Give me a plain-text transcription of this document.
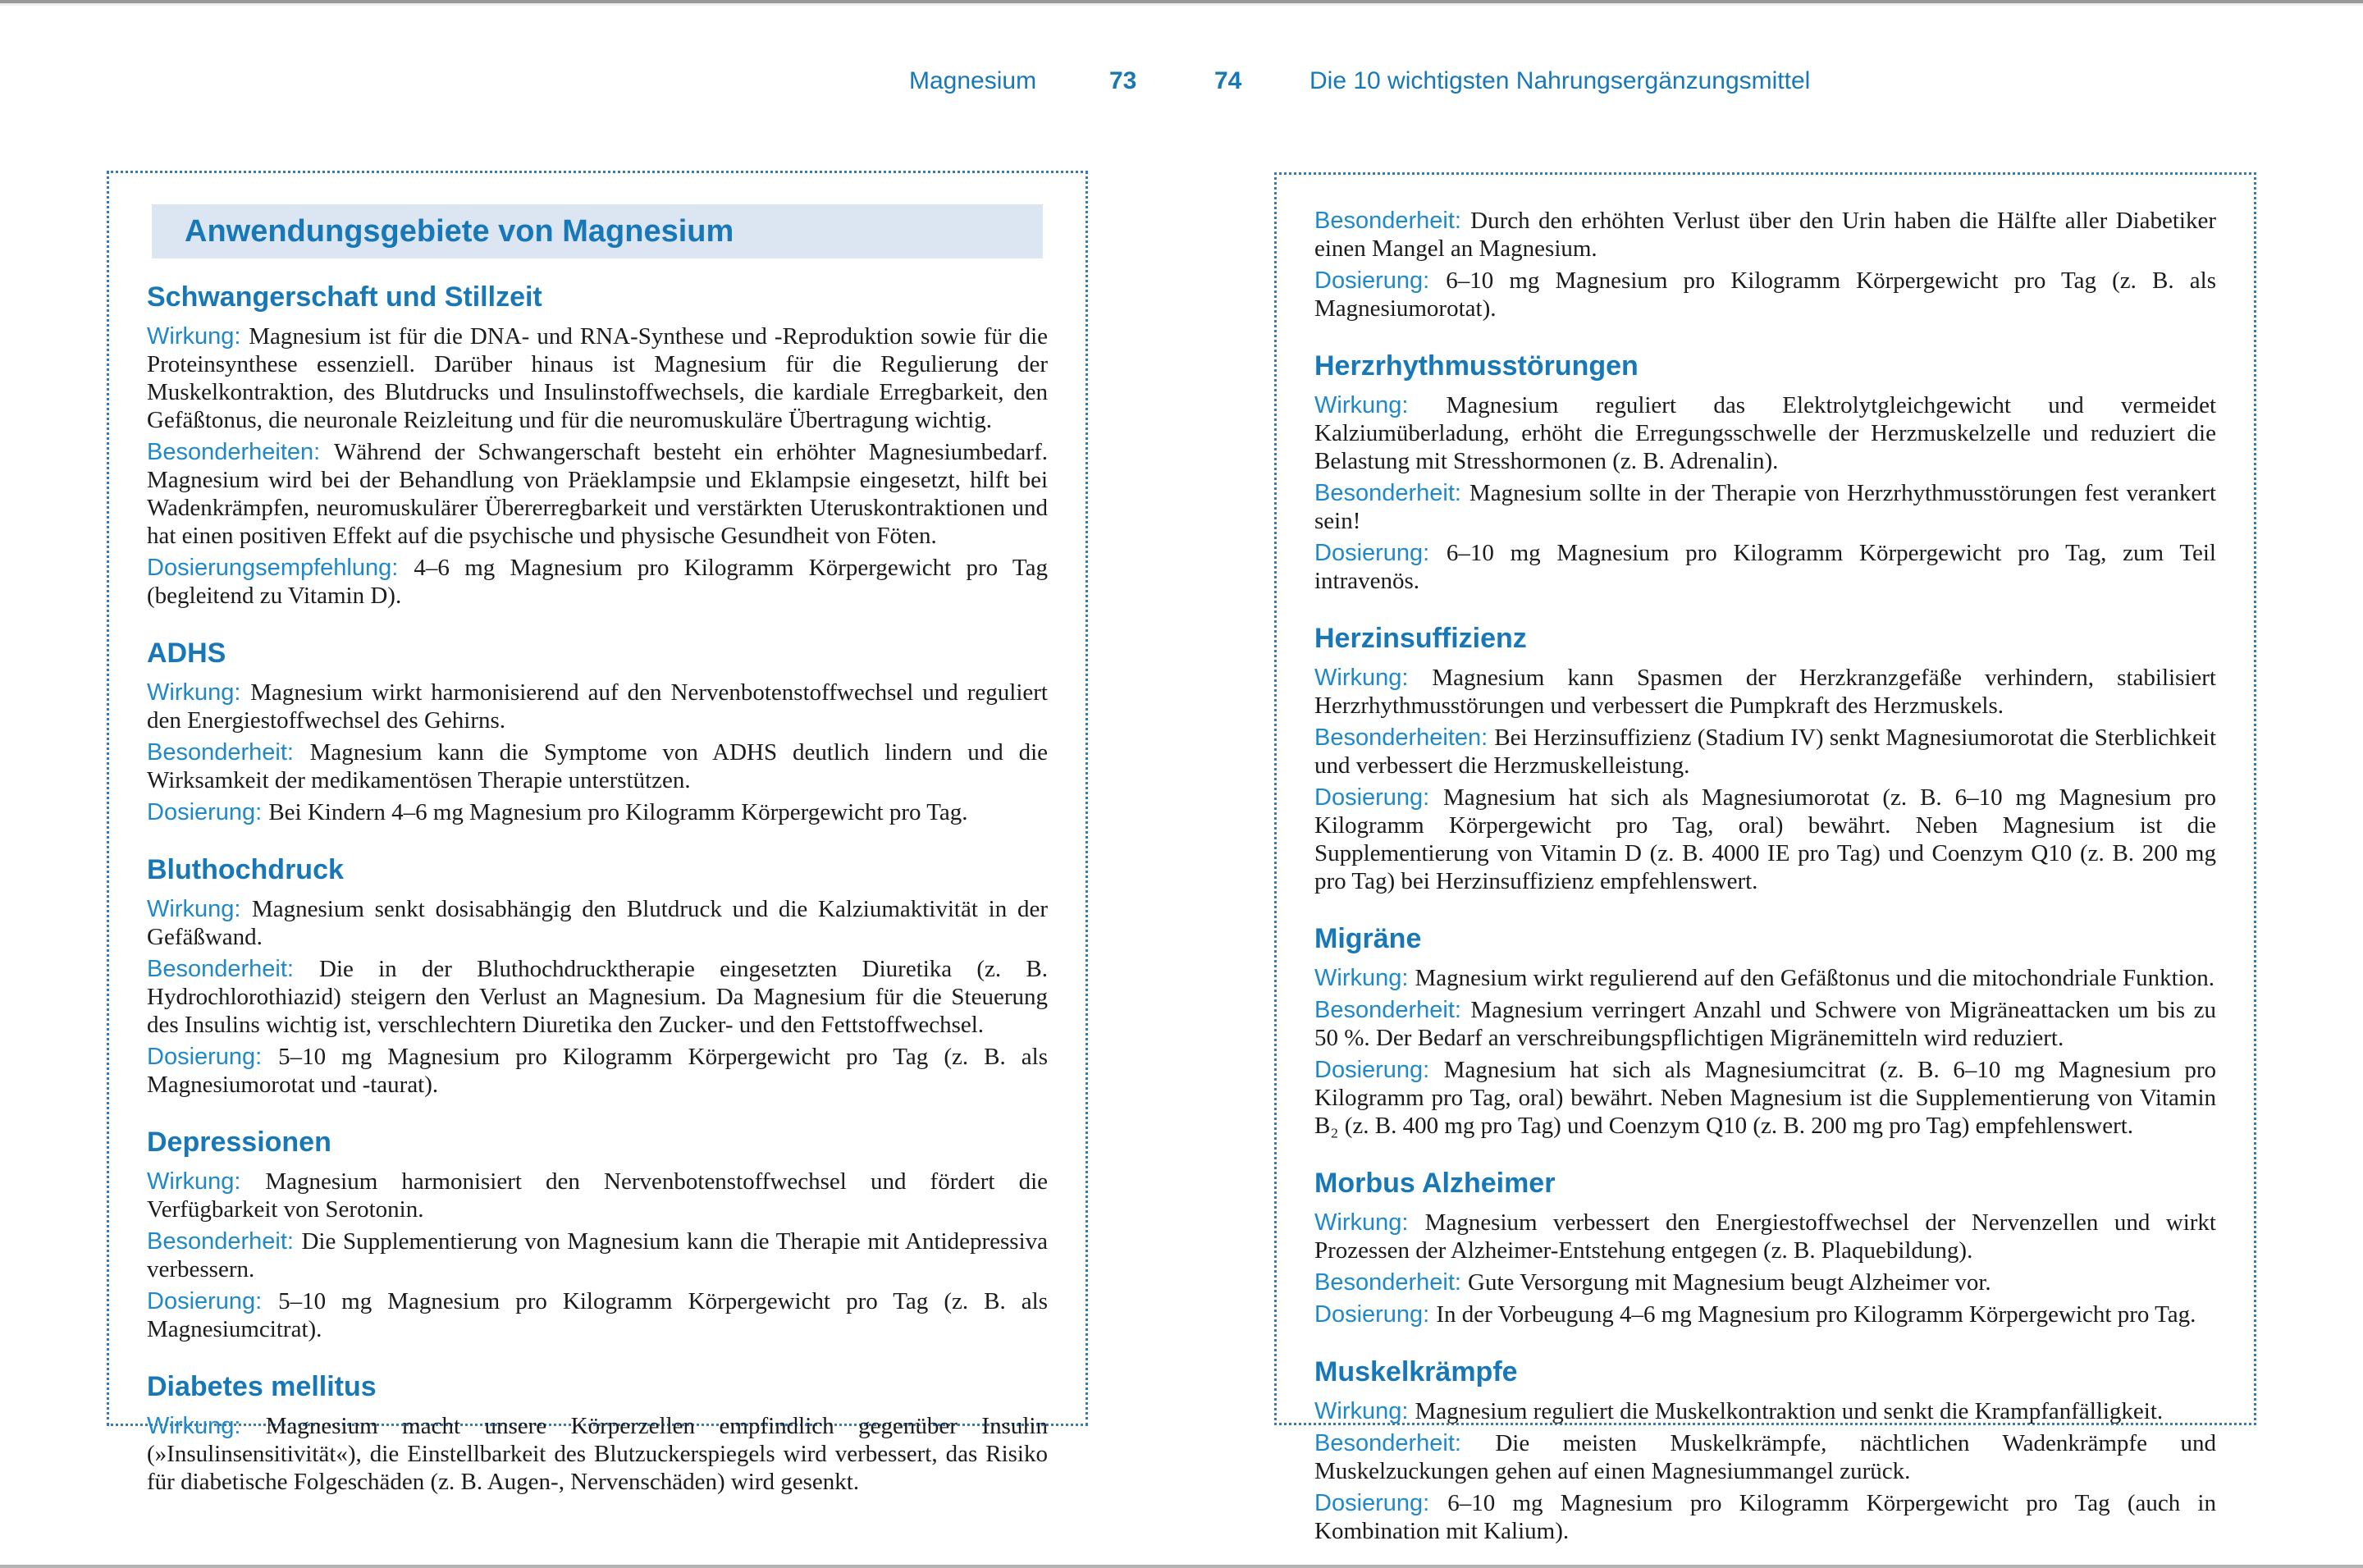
Magnesium	73	74	Die 10 wichtigsten Nahrungsergänzungsmittel
Anwendungsgebiete von Magnesium
Schwangerschaft und Stillzeit

Wirkung: Magnesium ist für die DNA- und RNA-Synthese und -Reproduktion sowie für die Proteinsynthese essenziell. Darüber hinaus ist Magnesium für die Regulierung der Muskelkontraktion, des Blutdrucks und Insulinstoffwechsels, die kardiale Erregbarkeit, den Gefäßtonus, die neuronale Reizleitung und für die neuromuskuläre Übertragung wichtig.

Besonderheiten: Während der Schwangerschaft besteht ein erhöhter Magnesiumbedarf. Magnesium wird bei der Behandlung von Präeklampsie und Eklampsie eingesetzt, hilft bei Wadenkrämpfen, neuromuskulärer Übererregbarkeit und verstärkten Uteruskontraktionen und hat einen positiven Effekt auf die psychische und physische Gesundheit von Föten.

Dosierungsempfehlung: 4–6 mg Magnesium pro Kilogramm Körpergewicht pro Tag (begleitend zu Vitamin D).

ADHS

Wirkung: Magnesium wirkt harmonisierend auf den Nervenbotenstoffwechsel und reguliert den Energiestoffwechsel des Gehirns.

Besonderheit: Magnesium kann die Symptome von ADHS deutlich lindern und die Wirksamkeit der medikamentösen Therapie unterstützen.

Dosierung: Bei Kindern 4–6 mg Magnesium pro Kilogramm Körpergewicht pro Tag.

Bluthochdruck

Wirkung: Magnesium senkt dosisabhängig den Blutdruck und die Kalziumaktivität in der Gefäßwand.

Besonderheit: Die in der Bluthochdrucktherapie eingesetzten Diuretika (z. B. Hydrochlorothiazid) steigern den Verlust an Magnesium. Da Magnesium für die Steuerung des Insulins wichtig ist, verschlechtern Diuretika den Zucker- und den Fettstoffwechsel.

Dosierung: 5–10 mg Magnesium pro Kilogramm Körpergewicht pro Tag (z. B. als Magnesiumorotat und -taurat).

Depressionen

Wirkung: Magnesium harmonisiert den Nervenbotenstoffwechsel und fördert die Verfügbarkeit von Serotonin.

Besonderheit: Die Supplementierung von Magnesium kann die Therapie mit Antidepressiva verbessern.

Dosierung: 5–10 mg Magnesium pro Kilogramm Körpergewicht pro Tag (z. B. als Magnesiumcitrat).

Diabetes mellitus

Wirkung: Magnesium macht unsere Körperzellen empfindlich gegenüber Insulin (»Insulinsensitivität«), die Einstellbarkeit des Blutzuckerspiegels wird verbessert, das Risiko für diabetische Folgeschäden (z. B. Augen-, Nervenschäden) wird gesenkt.

Besonderheit: Durch den erhöhten Verlust über den Urin haben die Hälfte aller Diabetiker einen Mangel an Magnesium.

Dosierung: 6–10 mg Magnesium pro Kilogramm Körpergewicht pro Tag (z. B. als Magnesiumorotat).

Herzrhythmusstörungen

Wirkung: Magnesium reguliert das Elektrolytgleichgewicht und vermeidet Kalziumüberladung, erhöht die Erregungsschwelle der Herzmuskelzelle und reduziert die Belastung mit Stresshormonen (z. B. Adrenalin).

Besonderheit: Magnesium sollte in der Therapie von Herzrhythmusstörungen fest verankert sein!

Dosierung: 6–10 mg Magnesium pro Kilogramm Körpergewicht pro Tag, zum Teil intravenös.

Herzinsuffizienz

Wirkung: Magnesium kann Spasmen der Herzkranzgefäße verhindern, stabilisiert Herzrhythmusstörungen und verbessert die Pumpkraft des Herzmuskels.

Besonderheiten: Bei Herzinsuffizienz (Stadium IV) senkt Magnesiumorotat die Sterblichkeit und verbessert die Herzmuskelleistung.

Dosierung: Magnesium hat sich als Magnesiumorotat (z. B. 6–10 mg Magnesium pro Kilogramm Körpergewicht pro Tag, oral) bewährt. Neben Magnesium ist die Supplementierung von Vitamin D (z. B. 4000 IE pro Tag) und Coenzym Q10 (z. B. 200 mg pro Tag) bei Herzinsuffizienz empfehlenswert.

Migräne

Wirkung: Magnesium wirkt regulierend auf den Gefäßtonus und die mitochondriale Funktion.

Besonderheit: Magnesium verringert Anzahl und Schwere von Migräneattacken um bis zu 50 %. Der Bedarf an verschreibungspflichtigen Migränemitteln wird reduziert.

Dosierung: Magnesium hat sich als Magnesiumcitrat (z. B. 6–10 mg Magnesium pro Kilogramm pro Tag, oral) bewährt. Neben Magnesium ist die Supplementierung von Vitamin B₂ (z. B. 400 mg pro Tag) und Coenzym Q10 (z. B. 200 mg pro Tag) empfehlenswert.

Morbus Alzheimer

Wirkung: Magnesium verbessert den Energiestoffwechsel der Nervenzellen und wirkt Prozessen der Alzheimer-Entstehung entgegen (z. B. Plaquebildung).

Besonderheit: Gute Versorgung mit Magnesium beugt Alzheimer vor.

Dosierung: In der Vorbeugung 4–6 mg Magnesium pro Kilogramm Körpergewicht pro Tag.

Muskelkrämpfe

Wirkung: Magnesium reguliert die Muskelkontraktion und senkt die Krampfanfälligkeit.

Besonderheit: Die meisten Muskelkrämpfe, nächtlichen Wadenkrämpfe und Muskelzuckungen gehen auf einen Magnesiummangel zurück.

Dosierung: 6–10 mg Magnesium pro Kilogramm Körpergewicht pro Tag (auch in Kombination mit Kalium).
